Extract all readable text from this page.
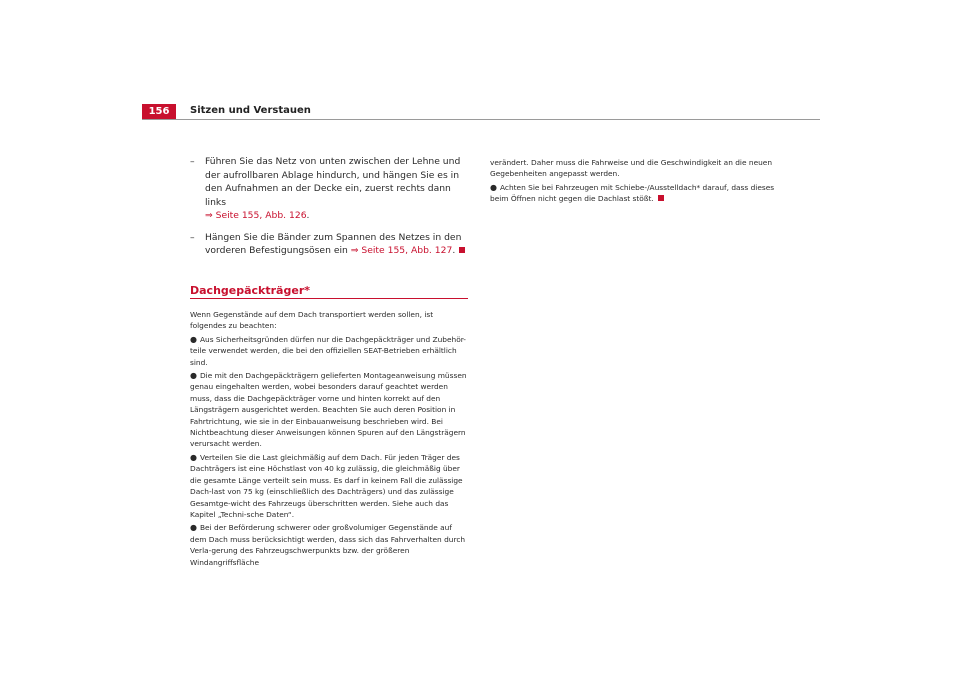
156	Sitzen und Verstauen
– Führen Sie das Netz von unten zwischen der Lehne und der aufrollbaren Ablage hindurch, und hängen Sie es in den Aufnahmen an der Decke ein, zuerst rechts dann links
⇒ Seite 155, Abb. 126.
– Hängen Sie die Bänder zum Spannen des Netzes in den vorderen Befestigungsösen ein ⇒ Seite 155, Abb. 127.
Dachgepäckträger*

Wenn Gegenstände auf dem Dach transportiert werden sollen, ist folgendes zu beachten:

● Aus Sicherheitsgründen dürfen nur die Dachgepäckträger und Zubehör-teile verwendet werden, die bei den offiziellen SEAT-Betrieben erhältlich sind.

● Die mit den Dachgepäckträgern gelieferten Montageanweisung müssen genau eingehalten werden, wobei besonders darauf geachtet werden muss, dass die Dachgepäckträger vorne und hinten korrekt auf den Längsträgern ausgerichtet werden. Beachten Sie auch deren Position in Fahrtrichtung, wie sie in der Einbauanweisung beschrieben wird. Bei Nichtbeachtung dieser Anweisungen können Spuren auf den Längsträgern verursacht werden.

● Verteilen Sie die Last gleichmäßig auf dem Dach. Für jeden Träger des Dachträgers ist eine Höchstlast von 40 kg zulässig, die gleichmäßig über die gesamte Länge verteilt sein muss. Es darf in keinem Fall die zulässige Dach-last von 75 kg (einschließlich des Dachträgers) und das zulässige Gesamtge-wicht des Fahrzeugs überschritten werden. Siehe auch das Kapitel „Techni-sche Daten“.

● Bei der Beförderung schwerer oder großvolumiger Gegenstände auf dem Dach muss berücksichtigt werden, dass sich das Fahrverhalten durch Verla-gerung des Fahrzeugschwerpunkts bzw. der größeren Windangriffsfläche

verändert. Daher muss die Fahrweise und die Geschwindigkeit an die neuen Gegebenheiten angepasst werden.

● Achten Sie bei Fahrzeugen mit Schiebe-/Ausstelldach* darauf, dass dieses beim Öffnen nicht gegen die Dachlast stößt.
